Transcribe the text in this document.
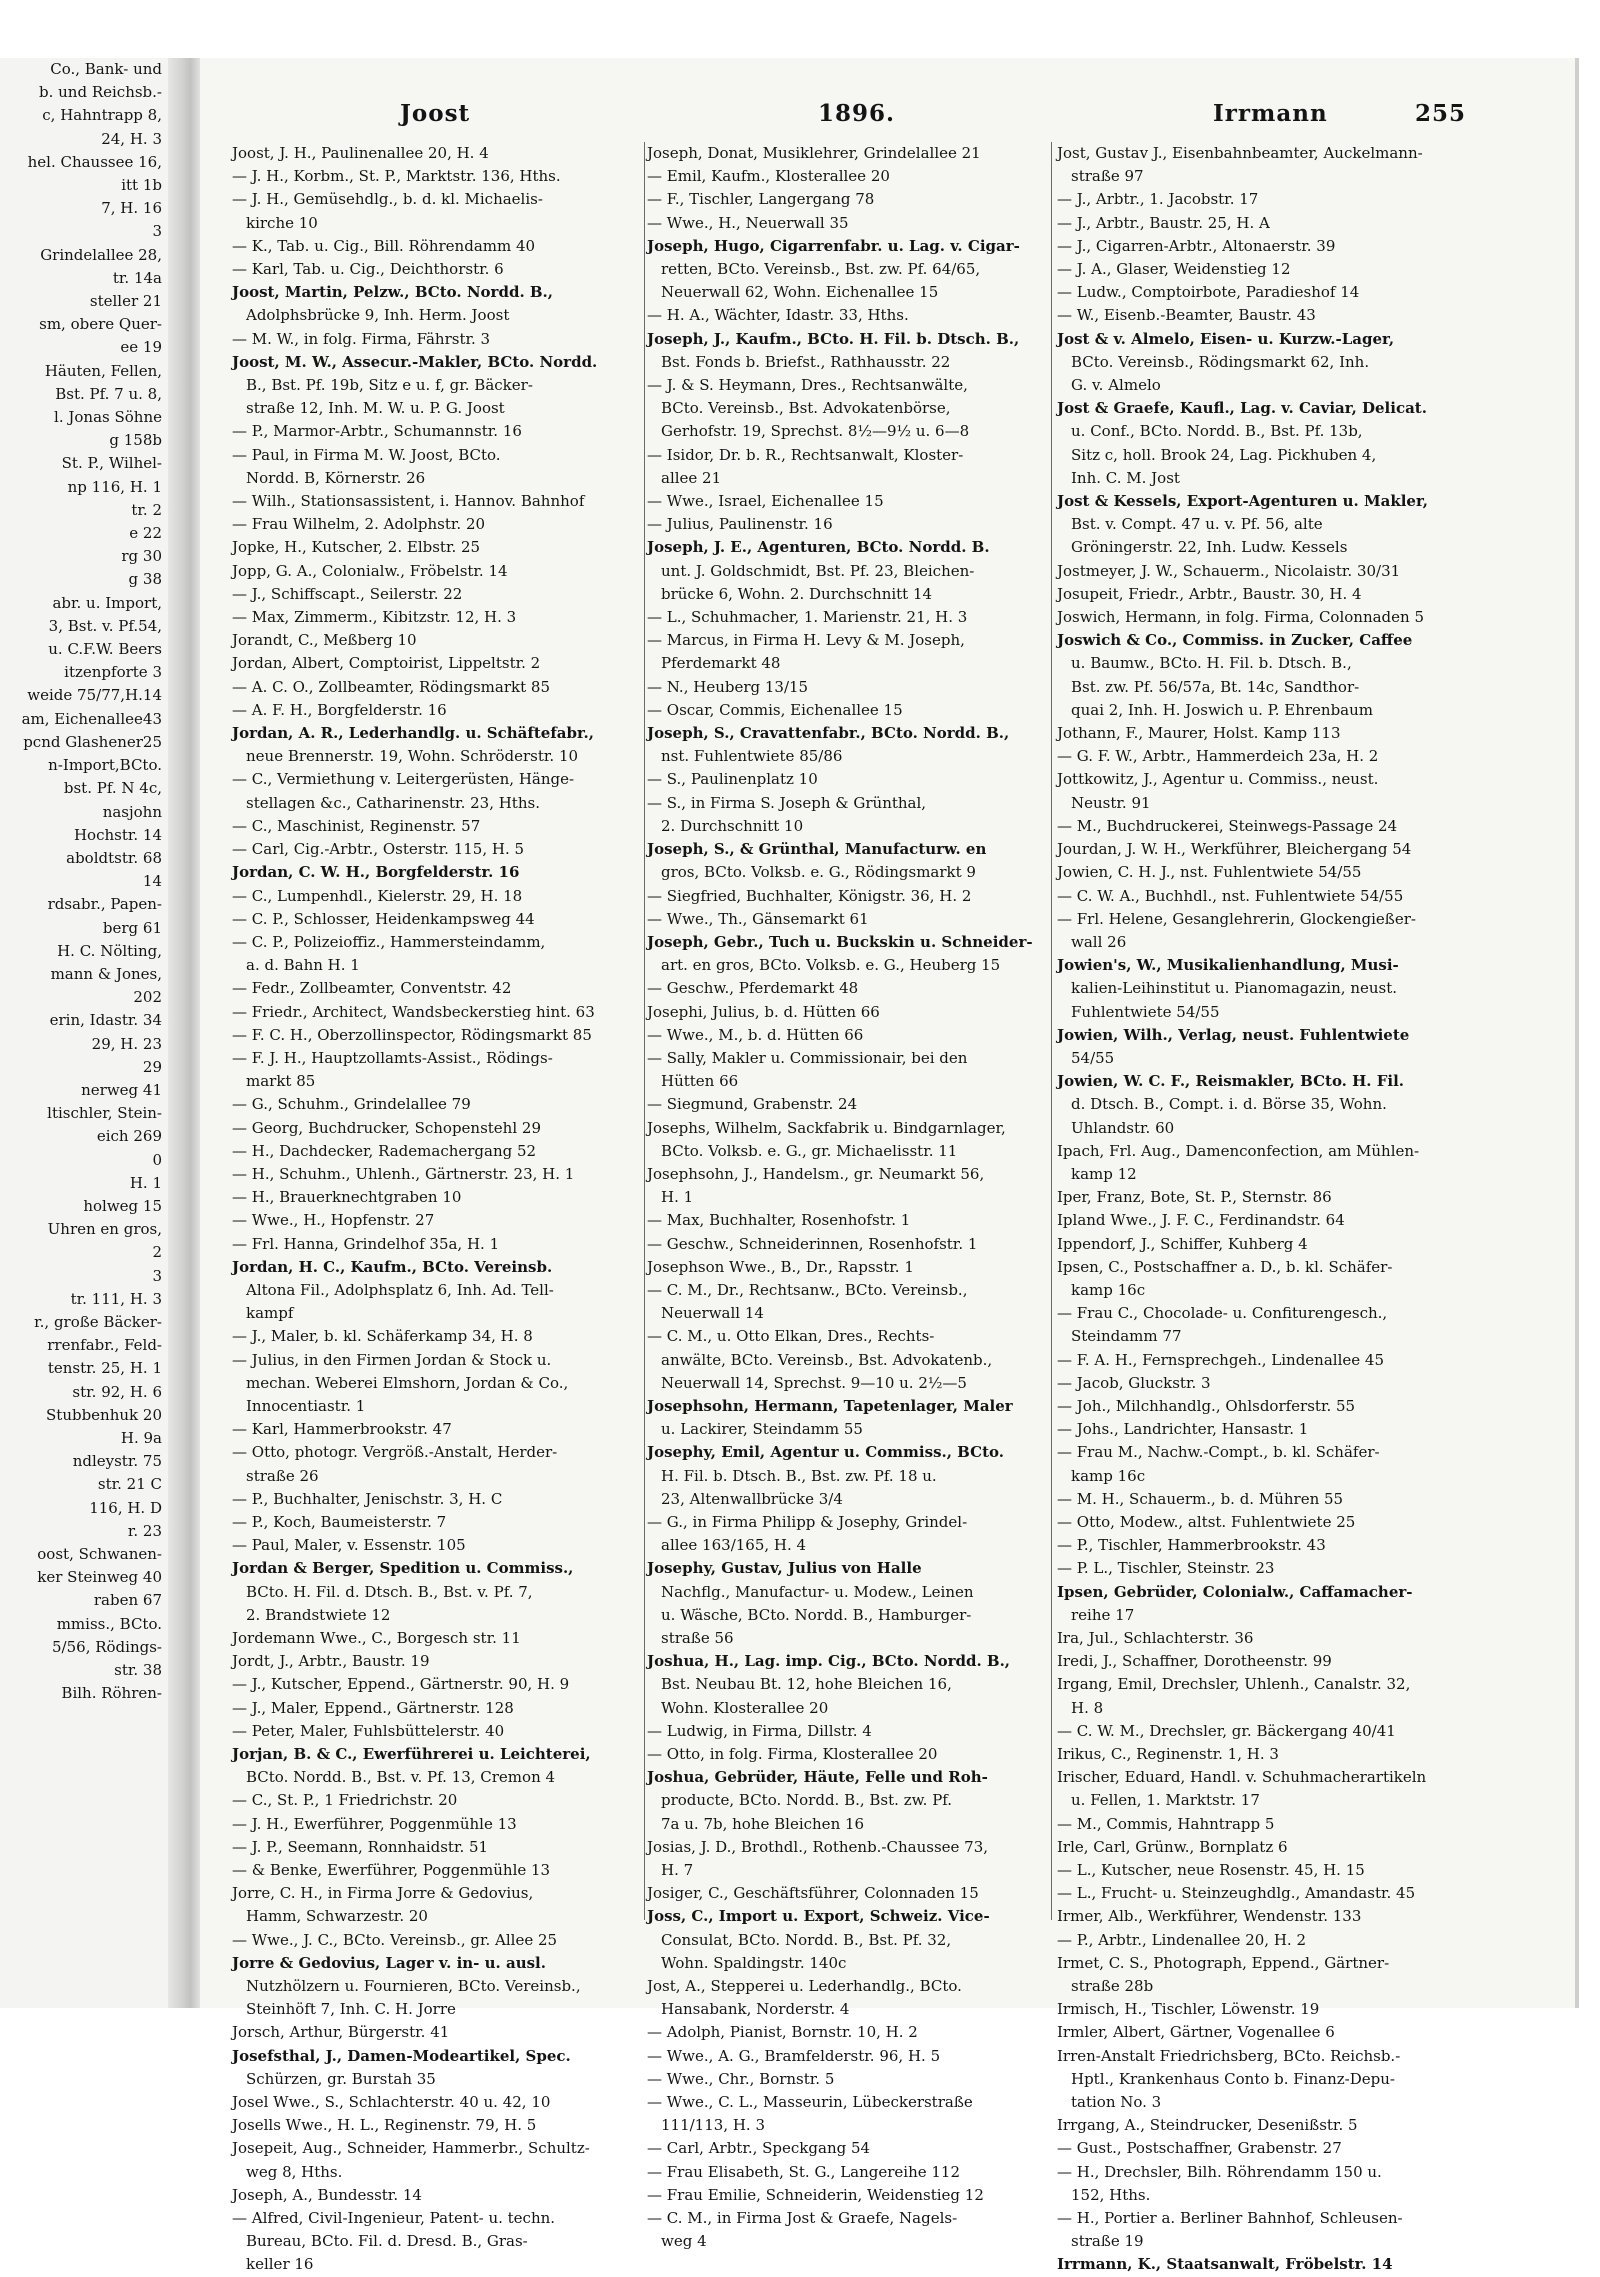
Co., Bank- und
b. und Reichsb.-
c, Hahntrapp 8,
24, H. 3
hel. Chaussee 16,
itt 1b
7, H. 16
3
Grindelallee 28,
tr. 14a
steller 21
sm, obere Quer-
ee 19
Häuten, Fellen,
Bst. Pf. 7 u. 8,
l. Jonas Söhne
g 158b
St. P., Wilhel-
np 116, H. 1
tr. 2
e 22
rg 30
g 38
abr. u. Import,
3, Bst. v. Pf.54,
u. C.F.W. Beers
itzenpforte 3
weide 75/77,H.14
am, Eichenallee43
pcnd Glashener25
n-Import,BCto.
bst. Pf. N 4c,
nasjohn
Hochstr. 14
aboldtstr. 68
14
rdsabr., Papen-
berg 61
H. C. Nölting,
mann & Jones,
202
erin, Idastr. 34
29, H. 23
29
nerweg 41
ltischler, Stein-
eich 269
0
H. 1
holweg 15
Uhren en gros,
2
3
tr. 111, H. 3
r., große Bäcker-
rrenfabr., Feld-
tenstr. 25, H. 1
str. 92, H. 6
Stubbenhuk 20
H. 9a
ndleystr. 75
str. 21 C
116, H. D
r. 23
oost, Schwanen-
ker Steinweg 40
raben 67
mmiss., BCto.
5/56, Rödings-
str. 38
Bilh. Röhren-
Joost	1896.	Irrmann	255
Joost, J. H., Paulinenallee 20, H. 4
— J. H., Korbm., St. P., Marktstr. 136, Hths.
— J. H., Gemüsehdlg., b. d. kl. Michaelis-
kirche 10
— K., Tab. u. Cig., Bill. Röhrendamm 40
— Karl, Tab. u. Cig., Deichthorstr. 6
Joost, Martin, Pelzw., BCto. Nordd. B.,
Adolphsbrücke 9, Inh. Herm. Joost
— M. W., in folg. Firma, Fährstr. 3
Joost, M. W., Assecur.-Makler, BCto. Nordd.
B., Bst. Pf. 19b, Sitz e u. f, gr. Bäcker-
straße 12, Inh. M. W. u. P. G. Joost
— P., Marmor-Arbtr., Schumannstr. 16
— Paul, in Firma M. W. Joost, BCto.
Nordd. B, Körnerstr. 26
— Wilh., Stationsassistent, i. Hannov. Bahnhof
— Frau Wilhelm, 2. Adolphstr. 20
Jopke, H., Kutscher, 2. Elbstr. 25
Jopp, G. A., Colonialw., Fröbelstr. 14
— J., Schiffscapt., Seilerstr. 22
— Max, Zimmerm., Kibitzstr. 12, H. 3
Jorandt, C., Meßberg 10
Jordan, Albert, Comptoirist, Lippeltstr. 2
— A. C. O., Zollbeamter, Rödingsmarkt 85
— A. F. H., Borgfelderstr. 16
Jordan, A. R., Lederhandlg. u. Schäftefabr.,
neue Brennerstr. 19, Wohn. Schröderstr. 10
— C., Vermiethung v. Leitergerüsten, Hänge-
stellagen &c., Catharinenstr. 23, Hths.
— C., Maschinist, Reginenstr. 57
— Carl, Cig.-Arbtr., Osterstr. 115, H. 5
Jordan, C. W. H., Borgfelderstr. 16
— C., Lumpenhdl., Kielerstr. 29, H. 18
— C. P., Schlosser, Heidenkampsweg 44
— C. P., Polizeioffiz., Hammersteindamm,
a. d. Bahn H. 1
— Fedr., Zollbeamter, Conventstr. 42
— Friedr., Architect, Wandsbeckerstieg hint. 63
— F. C. H., Oberzollinspector, Rödingsmarkt 85
— F. J. H., Hauptzollamts-Assist., Rödings-
markt 85
— G., Schuhm., Grindelallee 79
— Georg, Buchdrucker, Schopenstehl 29
— H., Dachdecker, Rademachergang 52
— H., Schuhm., Uhlenh., Gärtnerstr. 23, H. 1
— H., Brauerknechtgraben 10
— Wwe., H., Hopfenstr. 27
— Frl. Hanna, Grindelhof 35a, H. 1
Jordan, H. C., Kaufm., BCto. Vereinsb.
Altona Fil., Adolphsplatz 6, Inh. Ad. Tell-
kampf
— J., Maler, b. kl. Schäferkamp 34, H. 8
— Julius, in den Firmen Jordan & Stock u.
mechan. Weberei Elmshorn, Jordan & Co.,
Innocentiastr. 1
— Karl, Hammerbrookstr. 47
— Otto, photogr. Vergröß.-Anstalt, Herder-
straße 26
— P., Buchhalter, Jenischstr. 3, H. C
— P., Koch, Baumeisterstr. 7
— Paul, Maler, v. Essenstr. 105
Jordan & Berger, Spedition u. Commiss.,
BCto. H. Fil. d. Dtsch. B., Bst. v. Pf. 7,
2. Brandstwiete 12
Jordemann Wwe., C., Borgesch str. 11
Jordt, J., Arbtr., Baustr. 19
— J., Kutscher, Eppend., Gärtnerstr. 90, H. 9
— J., Maler, Eppend., Gärtnerstr. 128
— Peter, Maler, Fuhlsbüttelerstr. 40
Jorjan, B. & C., Ewerführerei u. Leichterei,
BCto. Nordd. B., Bst. v. Pf. 13, Cremon 4
— C., St. P., 1 Friedrichstr. 20
— J. H., Ewerführer, Poggenmühle 13
— J. P., Seemann, Ronnhaidstr. 51
— & Benke, Ewerführer, Poggenmühle 13
Jorre, C. H., in Firma Jorre & Gedovius,
Hamm, Schwarzestr. 20
— Wwe., J. C., BCto. Vereinsb., gr. Allee 25
Jorre & Gedovius, Lager v. in- u. ausl.
Nutzhölzern u. Fournieren, BCto. Vereinsb.,
Steinhöft 7, Inh. C. H. Jorre
Jorsch, Arthur, Bürgerstr. 41
Josefsthal, J., Damen-Modeartikel, Spec.
Schürzen, gr. Burstah 35
Josel Wwe., S., Schlachterstr. 40 u. 42, 10
Josells Wwe., H. L., Reginenstr. 79, H. 5
Josepeit, Aug., Schneider, Hammerbr., Schultz-
weg 8, Hths.
Joseph, A., Bundesstr. 14
— Alfred, Civil-Ingenieur, Patent- u. techn.
Bureau, BCto. Fil. d. Dresd. B., Gras-
keller 16
Joseph, Donat, Musiklehrer, Grindelallee 21
— Emil, Kaufm., Klosterallee 20
— F., Tischler, Langergang 78
— Wwe., H., Neuerwall 35
Joseph, Hugo, Cigarrenfabr. u. Lag. v. Cigar-
retten, BCto. Vereinsb., Bst. zw. Pf. 64/65,
Neuerwall 62, Wohn. Eichenallee 15
— H. A., Wächter, Idastr. 33, Hths.
Joseph, J., Kaufm., BCto. H. Fil. b. Dtsch. B.,
Bst. Fonds b. Briefst., Rathhausstr. 22
— J. & S. Heymann, Dres., Rechtsanwälte,
BCto. Vereinsb., Bst. Advokatenbörse,
Gerhofstr. 19, Sprechst. 8½—9½ u. 6—8
— Isidor, Dr. b. R., Rechtsanwalt, Kloster-
allee 21
— Wwe., Israel, Eichenallee 15
— Julius, Paulinenstr. 16
Joseph, J. E., Agenturen, BCto. Nordd. B.
unt. J. Goldschmidt, Bst. Pf. 23, Bleichen-
brücke 6, Wohn. 2. Durchschnitt 14
— L., Schuhmacher, 1. Marienstr. 21, H. 3
— Marcus, in Firma H. Levy & M. Joseph,
Pferdemarkt 48
— N., Heuberg 13/15
— Oscar, Commis, Eichenallee 15
Joseph, S., Cravattenfabr., BCto. Nordd. B.,
nst. Fuhlentwiete 85/86
— S., Paulinenplatz 10
— S., in Firma S. Joseph & Grünthal,
2. Durchschnitt 10
Joseph, S., & Grünthal, Manufacturw. en
gros, BCto. Volksb. e. G., Rödingsmarkt 9
— Siegfried, Buchhalter, Königstr. 36, H. 2
— Wwe., Th., Gänsemarkt 61
Joseph, Gebr., Tuch u. Buckskin u. Schneider-
art. en gros, BCto. Volksb. e. G., Heuberg 15
— Geschw., Pferdemarkt 48
Josephi, Julius, b. d. Hütten 66
— Wwe., M., b. d. Hütten 66
— Sally, Makler u. Commissionair, bei den
Hütten 66
— Siegmund, Grabenstr. 24
Josephs, Wilhelm, Sackfabrik u. Bindgarnlager,
BCto. Volksb. e. G., gr. Michaelisstr. 11
Josephsohn, J., Handelsm., gr. Neumarkt 56,
H. 1
— Max, Buchhalter, Rosenhofstr. 1
— Geschw., Schneiderinnen, Rosenhofstr. 1
Josephson Wwe., B., Dr., Rapsstr. 1
— C. M., Dr., Rechtsanw., BCto. Vereinsb.,
Neuerwall 14
— C. M., u. Otto Elkan, Dres., Rechts-
anwälte, BCto. Vereinsb., Bst. Advokatenb.,
Neuerwall 14, Sprechst. 9—10 u. 2½—5
Josephsohn, Hermann, Tapetenlager, Maler
u. Lackirer, Steindamm 55
Josephy, Emil, Agentur u. Commiss., BCto.
H. Fil. b. Dtsch. B., Bst. zw. Pf. 18 u.
23, Altenwallbrücke 3/4
— G., in Firma Philipp & Josephy, Grindel-
allee 163/165, H. 4
Josephy, Gustav, Julius von Halle
Nachflg., Manufactur- u. Modew., Leinen
u. Wäsche, BCto. Nordd. B., Hamburger-
straße 56
Joshua, H., Lag. imp. Cig., BCto. Nordd. B.,
Bst. Neubau Bt. 12, hohe Bleichen 16,
Wohn. Klosterallee 20
— Ludwig, in Firma, Dillstr. 4
— Otto, in folg. Firma, Klosterallee 20
Joshua, Gebrüder, Häute, Felle und Roh-
producte, BCto. Nordd. B., Bst. zw. Pf.
7a u. 7b, hohe Bleichen 16
Josias, J. D., Brothdl., Rothenb.-Chaussee 73,
H. 7
Josiger, C., Geschäftsführer, Colonnaden 15
Joss, C., Import u. Export, Schweiz. Vice-
Consulat, BCto. Nordd. B., Bst. Pf. 32,
Wohn. Spaldingstr. 140c
Jost, A., Stepperei u. Lederhandlg., BCto.
Hansabank, Norderstr. 4
— Adolph, Pianist, Bornstr. 10, H. 2
— Wwe., A. G., Bramfelderstr. 96, H. 5
— Wwe., Chr., Bornstr. 5
— Wwe., C. L., Masseurin, Lübeckerstraße
111/113, H. 3
— Carl, Arbtr., Speckgang 54
— Frau Elisabeth, St. G., Langereihe 112
— Frau Emilie, Schneiderin, Weidenstieg 12
— C. M., in Firma Jost & Graefe, Nagels-
weg 4
Jost, Gustav J., Eisenbahnbeamter, Auckelmann-
straße 97
— J., Arbtr., 1. Jacobstr. 17
— J., Arbtr., Baustr. 25, H. A
— J., Cigarren-Arbtr., Altonaerstr. 39
— J. A., Glaser, Weidenstieg 12
— Ludw., Comptoirbote, Paradieshof 14
— W., Eisenb.-Beamter, Baustr. 43
Jost & v. Almelo, Eisen- u. Kurzw.-Lager,
BCto. Vereinsb., Rödingsmarkt 62, Inh.
G. v. Almelo
Jost & Graefe, Kaufl., Lag. v. Caviar, Delicat.
u. Conf., BCto. Nordd. B., Bst. Pf. 13b,
Sitz c, holl. Brook 24, Lag. Pickhuben 4,
Inh. C. M. Jost
Jost & Kessels, Export-Agenturen u. Makler,
Bst. v. Compt. 47 u. v. Pf. 56, alte
Gröningerstr. 22, Inh. Ludw. Kessels
Jostmeyer, J. W., Schauerm., Nicolaistr. 30/31
Josupeit, Friedr., Arbtr., Baustr. 30, H. 4
Joswich, Hermann, in folg. Firma, Colonnaden 5
Joswich & Co., Commiss. in Zucker, Caffee
u. Baumw., BCto. H. Fil. b. Dtsch. B.,
Bst. zw. Pf. 56/57a, Bt. 14c, Sandthor-
quai 2, Inh. H. Joswich u. P. Ehrenbaum
Jothann, F., Maurer, Holst. Kamp 113
— G. F. W., Arbtr., Hammerdeich 23a, H. 2
Jottkowitz, J., Agentur u. Commiss., neust.
Neustr. 91
— M., Buchdruckerei, Steinwegs-Passage 24
Jourdan, J. W. H., Werkführer, Bleichergang 54
Jowien, C. H. J., nst. Fuhlentwiete 54/55
— C. W. A., Buchhdl., nst. Fuhlentwiete 54/55
— Frl. Helene, Gesanglehrerin, Glockengießer-
wall 26
Jowien's, W., Musikalienhandlung, Musi-
kalien-Leihinstitut u. Pianomagazin, neust.
Fuhlentwiete 54/55
Jowien, Wilh., Verlag, neust. Fuhlentwiete
54/55
Jowien, W. C. F., Reismakler, BCto. H. Fil.
d. Dtsch. B., Compt. i. d. Börse 35, Wohn.
Uhlandstr. 60
Ipach, Frl. Aug., Damenconfection, am Mühlen-
kamp 12
Iper, Franz, Bote, St. P., Sternstr. 86
Ipland Wwe., J. F. C., Ferdinandstr. 64
Ippendorf, J., Schiffer, Kuhberg 4
Ipsen, C., Postschaffner a. D., b. kl. Schäfer-
kamp 16c
— Frau C., Chocolade- u. Confiturengesch.,
Steindamm 77
— F. A. H., Fernsprechgeh., Lindenallee 45
— Jacob, Gluckstr. 3
— Joh., Milchhandlg., Ohlsdorferstr. 55
— Johs., Landrichter, Hansastr. 1
— Frau M., Nachw.-Compt., b. kl. Schäfer-
kamp 16c
— M. H., Schauerm., b. d. Mühren 55
— Otto, Modew., altst. Fuhlentwiete 25
— P., Tischler, Hammerbrookstr. 43
— P. L., Tischler, Steinstr. 23
Ipsen, Gebrüder, Colonialw., Caffamacher-
reihe 17
Ira, Jul., Schlachterstr. 36
Iredi, J., Schaffner, Dorotheenstr. 99
Irgang, Emil, Drechsler, Uhlenh., Canalstr. 32,
H. 8
— C. W. M., Drechsler, gr. Bäckergang 40/41
Irikus, C., Reginenstr. 1, H. 3
Irischer, Eduard, Handl. v. Schuhmacherartikeln
u. Fellen, 1. Marktstr. 17
— M., Commis, Hahntrapp 5
Irle, Carl, Grünw., Bornplatz 6
— L., Kutscher, neue Rosenstr. 45, H. 15
— L., Frucht- u. Steinzeughdlg., Amandastr. 45
Irmer, Alb., Werkführer, Wendenstr. 133
— P., Arbtr., Lindenallee 20, H. 2
Irmet, C. S., Photograph, Eppend., Gärtner-
straße 28b
Irmisch, H., Tischler, Löwenstr. 19
Irmler, Albert, Gärtner, Vogenallee 6
Irren-Anstalt Friedrichsberg, BCto. Reichsb.-
Hptl., Krankenhaus Conto b. Finanz-Depu-
tation No. 3
Irrgang, A., Steindrucker, Desenißstr. 5
— Gust., Postschaffner, Grabenstr. 27
— H., Drechsler, Bilh. Röhrendamm 150 u.
152, Hths.
— H., Portier a. Berliner Bahnhof, Schleusen-
straße 19
Irrmann, K., Staatsanwalt, Fröbelstr. 14
